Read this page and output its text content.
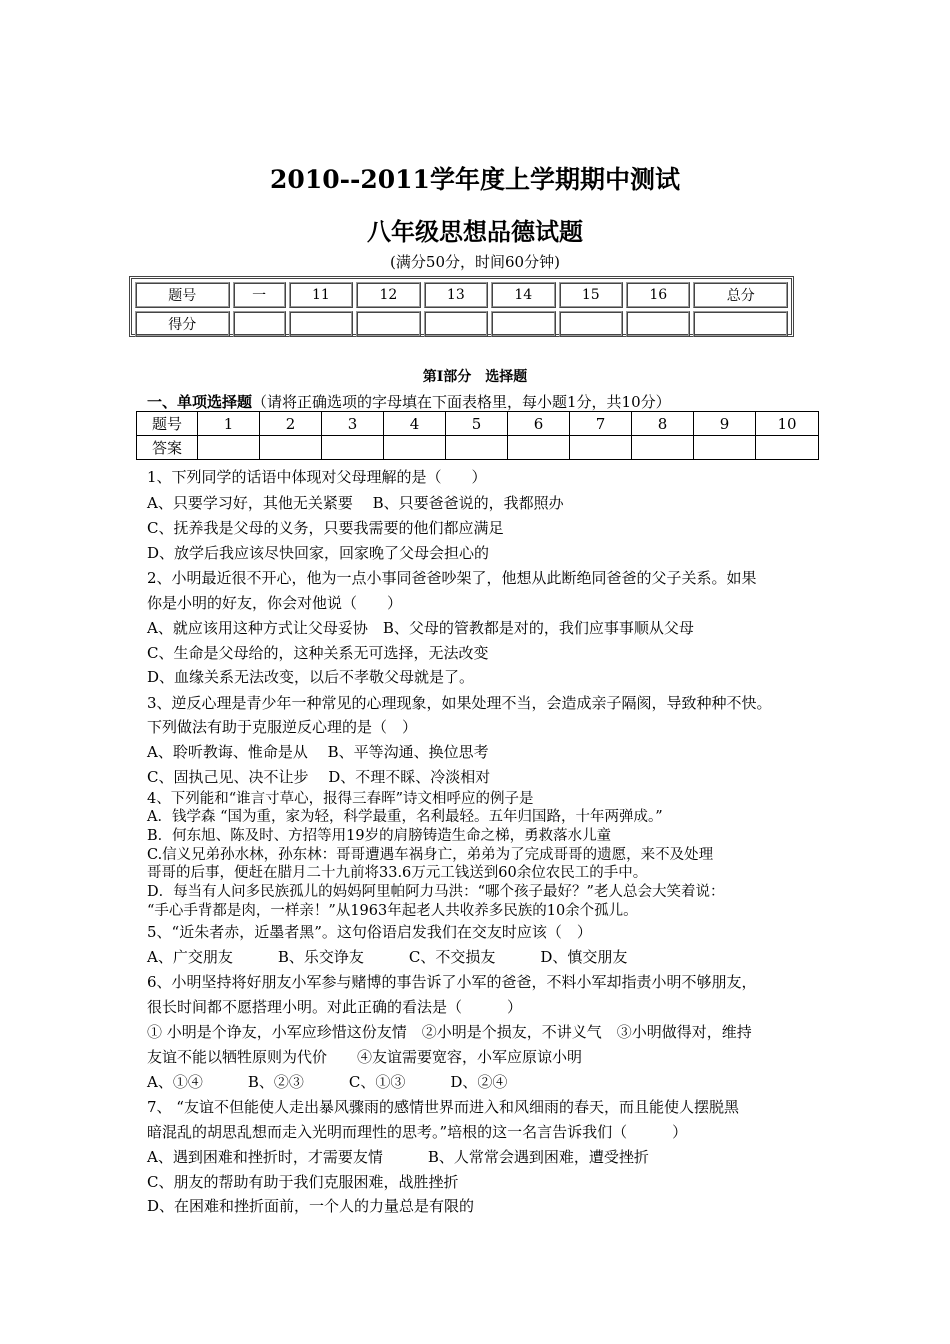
2010--2011学年度上学期期中测试
八年级思想品德试题
(满分50分，时间60分钟)
题号	一	11	12	13	14	15	16	总分
得分								
第Ⅰ部分　选择题
一、单项选择题（请将正确选项的字母填在下面表格里，每小题1分，共10分）
题号	1	2	3	4	5	6	7	8	9	10
答案										
1、下列同学的话语中体现对父母理解的是（　　）
A、只要学习好，其他无关紧要　 B、只要爸爸说的，我都照办
C、抚养我是父母的义务，只要我需要的他们都应满足
D、放学后我应该尽快回家，回家晚了父母会担心的
2、小明最近很不开心，他为一点小事同爸爸吵架了，他想从此断绝同爸爸的父子关系。如果
你是小明的好友，你会对他说（　　）
A、就应该用这种方式让父母妥协　B、父母的管教都是对的，我们应事事顺从父母
C、生命是父母给的，这种关系无可选择，无法改变
D、血缘关系无法改变，以后不孝敬父母就是了。
3、逆反心理是青少年一种常见的心理现象，如果处理不当，会造成亲子隔阂，导致种种不快。
下列做法有助于克服逆反心理的是（　）
A、聆听教诲、惟命是从　 B、平等沟通、换位思考
C、固执己见、决不让步　 D、不理不睬、冷淡相对
4、下列能和“谁言寸草心，报得三春晖”诗文相呼应的例子是
A．钱学森 “国为重，家为轻，科学最重，名利最轻。五年归国路，十年两弹成。”
B．何东旭、陈及时、方招等用19岁的肩膀铸造生命之梯，勇救落水儿童
C.信义兄弟孙水林，孙东林：哥哥遭遇车祸身亡，弟弟为了完成哥哥的遗愿，来不及处理
哥哥的后事，便赶在腊月二十九前将33.6万元工钱送到60余位农民工的手中。
D．每当有人问多民族孤儿的妈妈阿里帕阿力马洪：“哪个孩子最好？”老人总会大笑着说：
“手心手背都是肉，一样亲！”从1963年起老人共收养多民族的10余个孤儿。
5、“近朱者赤，近墨者黑”。这句俗语启发我们在交友时应该（　）
A、广交朋友　　　B、乐交诤友　　　C、不交损友　　　D、慎交朋友
6、小明坚持将好朋友小军参与赌博的事告诉了小军的爸爸，不料小军却指责小明不够朋友，
很长时间都不愿搭理小明。对此正确的看法是（　　　）
① 小明是个诤友，小军应珍惜这份友情　②小明是个损友，不讲义气　③小明做得对，维持
友谊不能以牺牲原则为代价　　④友谊需要宽容，小军应原谅小明
A、①④　　　B、②③　　　C、①③　　　D、②④
7、 “友谊不但能使人走出暴风骤雨的感情世界而进入和风细雨的春天，而且能使人摆脱黑
暗混乱的胡思乱想而走入光明而理性的思考。”培根的这一名言告诉我们（　　　）
A、遇到困难和挫折时，才需要友情　　　B、人常常会遇到困难，遭受挫折
C、朋友的帮助有助于我们克服困难，战胜挫折
D、在困难和挫折面前，一个人的力量总是有限的
